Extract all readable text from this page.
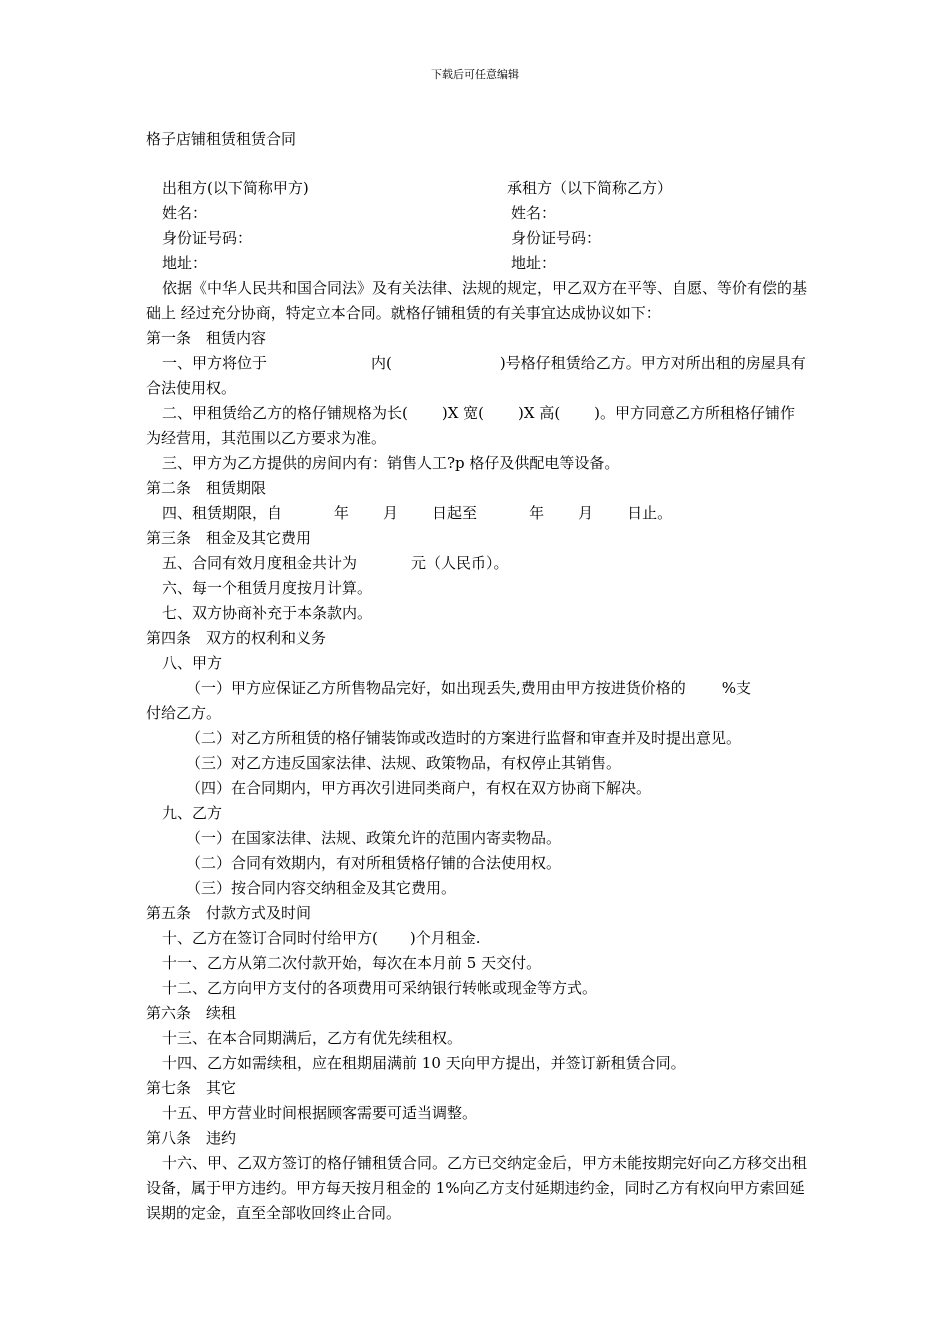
下载后可任意编辑
格子店铺租赁租赁合同
出租方(以下简称甲方)	承租方（以下简称乙方）
姓名：	姓名：
身份证号码：	身份证号码：
地址：	地址：
依据《中华人民共和国合同法》及有关法律、法规的规定，甲乙双方在平等、自愿、等价有偿的基础上 经过充分协商，特定立本合同。就格仔铺租赁的有关事宜达成协议如下：
第一条　租赁内容
一、甲方将位于	内(	)号格仔租赁给乙方。甲方对所出租的房屋具有合法使用权。
二、甲租赁给乙方的格仔铺规格为长( )X 宽( )X 高( )。甲方同意乙方所租格仔铺作为经营用，其范围以乙方要求为准。
三、甲方为乙方提供的房间内有：销售人工?p 格仔及供配电等设备。
第二条　租赁期限
四、租赁期限，自	年 月 日起至	年 月 日止。
第三条　租金及其它费用
五、合同有效月度租金共计为	元（人民币）。
六、每一个租赁月度按月计算。
七、双方协商补充于本条款内。
第四条　双方的权利和义务
八、甲方
（一）甲方应保证乙方所售物品完好，如出现丢失,费用由甲方按进货价格的 %支
付给乙方。
（二）对乙方所租赁的格仔铺装饰或改造时的方案进行监督和审查并及时提出意见。
（三）对乙方违反国家法律、法规、政策物品，有权停止其销售。
（四）在合同期内，甲方再次引进同类商户，有权在双方协商下解决。
九、乙方
（一）在国家法律、法规、政策允许的范围内寄卖物品。
（二）合同有效期内，有对所租赁格仔铺的合法使用权。
（三）按合同内容交纳租金及其它费用。
第五条　付款方式及时间
十、乙方在签订合同时付给甲方( )个月租金.
十一、乙方从第二次付款开始，每次在本月前 5 天交付。
十二、乙方向甲方支付的各项费用可采纳银行转帐或现金等方式。
第六条　续租
十三、在本合同期满后，乙方有优先续租权。
十四、乙方如需续租，应在租期届满前 10 天向甲方提出，并签订新租赁合同。
第七条　其它
十五、甲方营业时间根据顾客需要可适当调整。
第八条　违约
十六、甲、乙双方签订的格仔铺租赁合同。乙方已交纳定金后，甲方未能按期完好向乙方移交出租设备，属于甲方违约。甲方每天按月租金的 1%向乙方支付延期违约金，同时乙方有权向甲方索回延误期的定金，直至全部收回终止合同。
